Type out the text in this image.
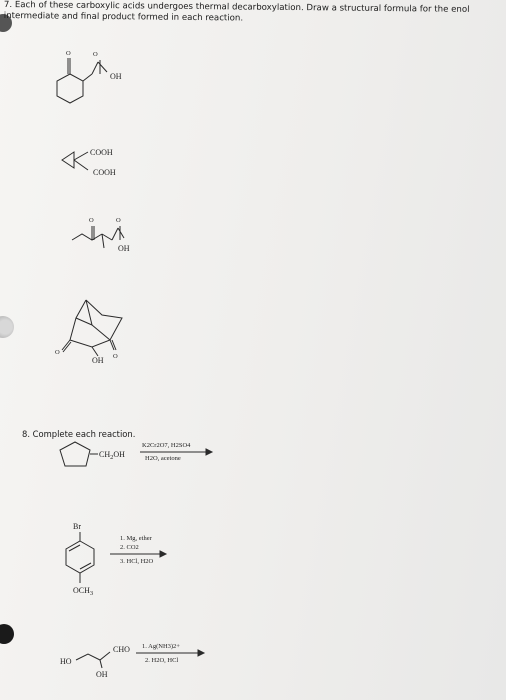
7. Each of these carboxylic acids undergoes thermal decarboxylation. Draw a structural formula for the enol intermediate and final product formed in each reaction.
O	O
OH
COOH
COOH
O	O
OH
O
OH O
$CH_2OH$
K2Cr2O7, H2SO4
H2O, acetone
Br
$OCH_3$
1. Mg, ether
2. CO2
3. HCl, H2O
HO
OH
CHO 1. Ag(NH3)2+
2. H2O, HCl
8. Complete each reaction.
